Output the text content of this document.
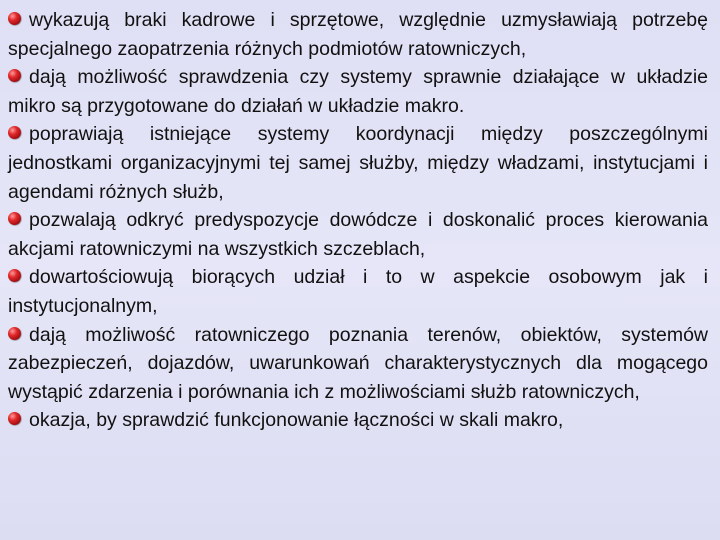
wykazują braki kadrowe i sprzętowe, względnie uzmysławiają potrzebę specjalnego zaopatrzenia różnych podmiotów ratowniczych,
dają możliwość sprawdzenia czy systemy sprawnie działające w układzie mikro są przygotowane do działań w układzie makro.
poprawiają istniejące systemy koordynacji między poszczególnymi jednostkami organizacyjnymi tej samej służby, między władzami, instytucjami i agendami różnych służb,
pozwalają odkryć predyspozycje dowódcze i doskonalić proces kierowania akcjami ratowniczymi na wszystkich szczeblach,
dowartościowują biorących udział i to w aspekcie osobowym jak i instytucjonalnym,
dają możliwość ratowniczego poznania terenów, obiektów, systemów zabezpieczeń, dojazdów, uwarunkowań charakterystycznych dla mogącego wystąpić zdarzenia i porównania ich z możliwościami służb ratowniczych,
okazja, by sprawdzić funkcjonowanie łączności w skali makro,
